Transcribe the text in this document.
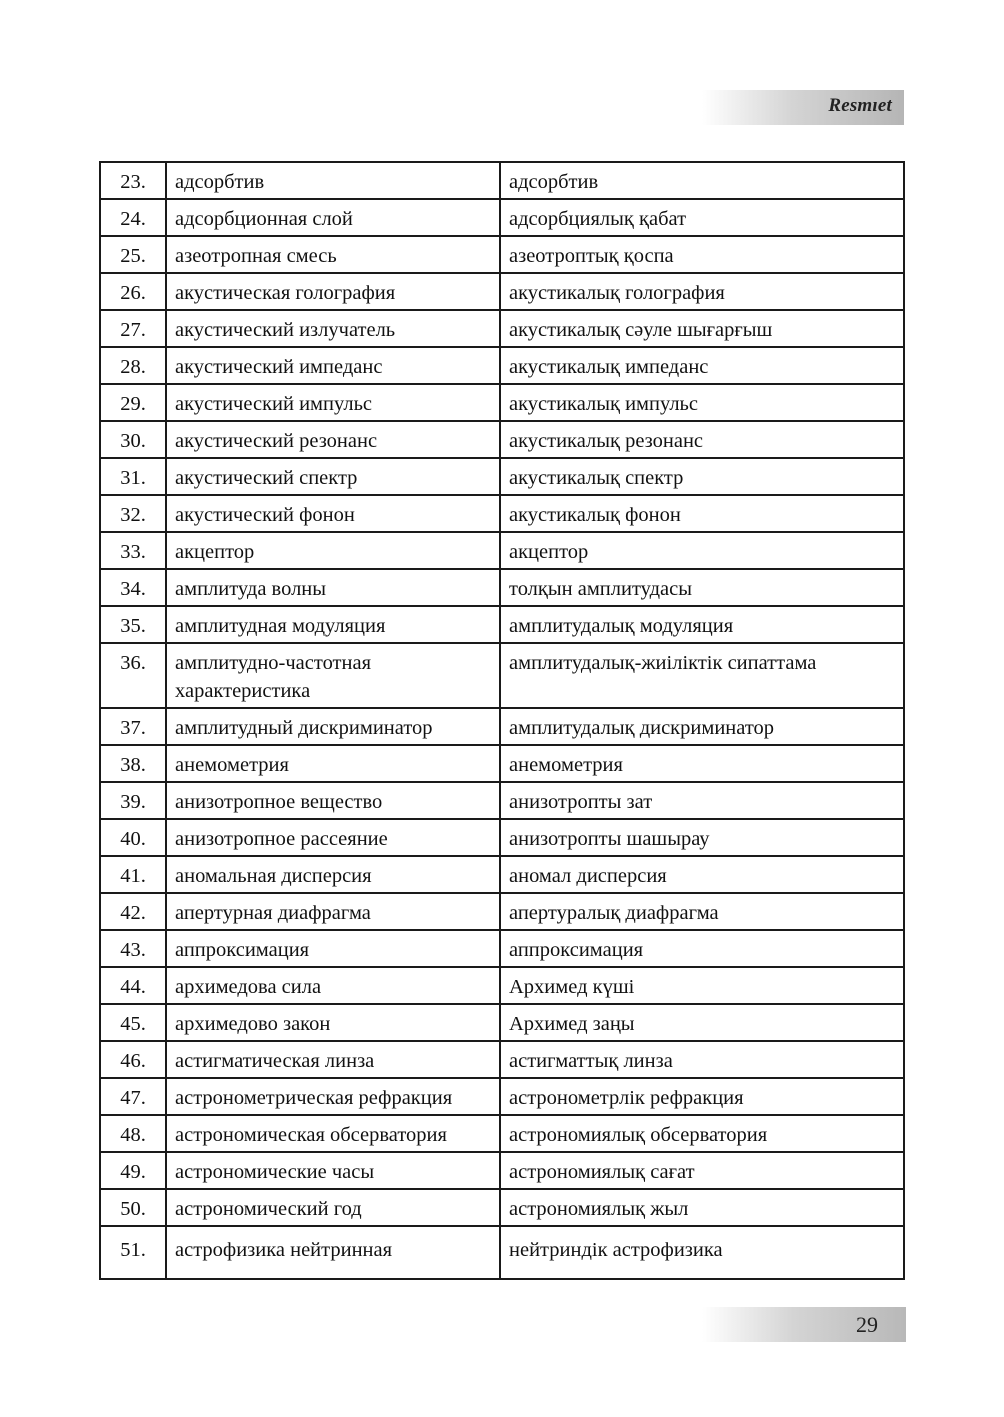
Resmıet
23.	адсорбтив	адсорбтив
24.	адсорбционная слой	адсорбциялық қабат
25.	азеотропная смесь	азеотроптық қоспа
26.	акустическая голография	акустикалық голография
27.	акустический излучатель	акустикалық сәуле шығарғыш
28.	акустический импеданс	акустикалық импеданс
29.	акустический импульс	акустикалық импульс
30.	акустический резонанс	акустикалық резонанс
31.	акустический спектр	акустикалық спектр
32.	акустический фонон	акустикалық фонон
33.	акцептор	акцептор
34.	амплитуда волны	толқын амплитудасы
35.	амплитудная модуляция	амплитудалық модуляция
36.	амплитудно-частотная характеристика	амплитудалық-жиіліктік сипаттама
37.	амплитудный дискриминатор	амплитудалық дискриминатор
38.	анемометрия	анемометрия
39.	анизотропное вещество	анизотропты зат
40.	анизотропное рассеяние	анизотропты шашырау
41.	аномальная дисперсия	аномал дисперсия
42.	апертурная диафрагма	апертуралық диафрагма
43.	аппроксимация	аппроксимация
44.	архимедова сила	Архимед күші
45.	архимедово закон	Архимед заңы
46.	астигматическая линза	астигматтық линза
47.	астронометрическая рефракция	астронометрлік рефракция
48.	астрономическая обсерватория	астрономиялық обсерватория
49.	астрономические часы	астрономиялық сағат
50.	астрономический год	астрономиялық жыл
51.	астрофизика нейтринная	нейтриндік астрофизика
29
